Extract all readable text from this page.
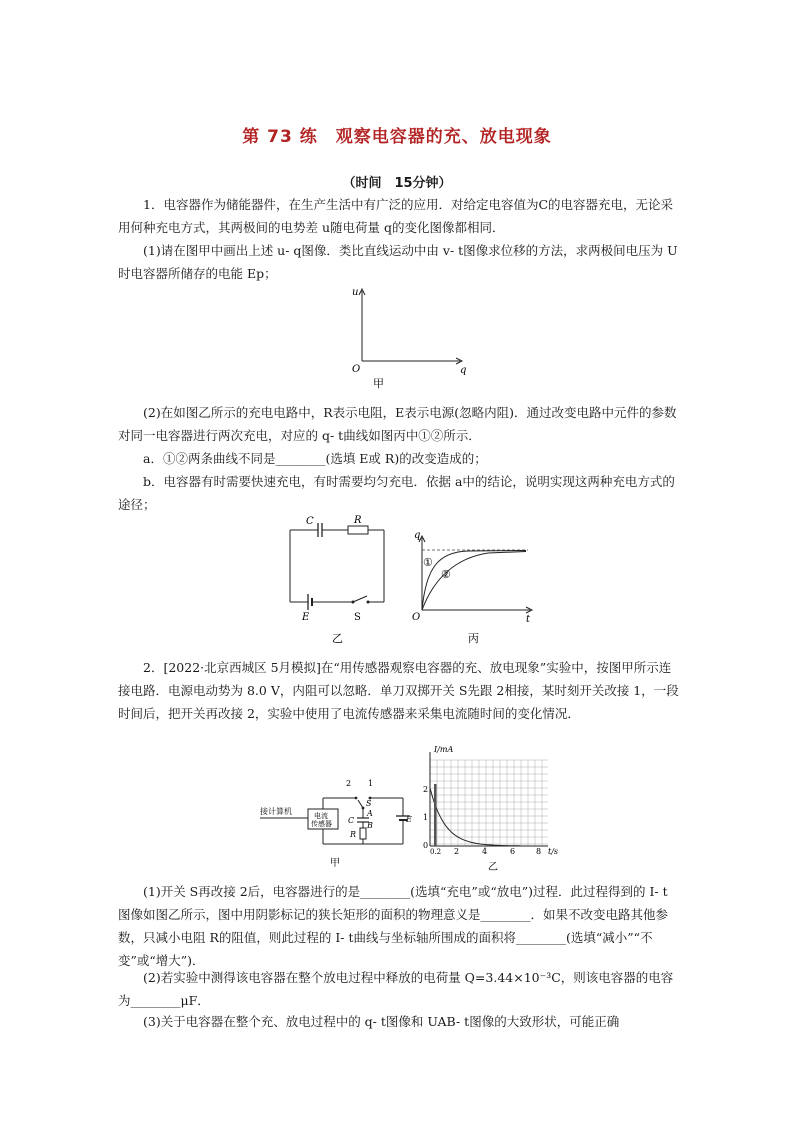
第 73 练　观察电容器的充、放电现象
（时间　15分钟）

　　1．电容器作为储能器件，在生产生活中有广泛的应用．对给定电容值为C的电容器充电，无论采用何种充电方式，其两极间的电势差 u随电荷量 q的变化图像都相同．

　　(1)请在图甲中画出上述 u- q图像．类比直线运动中由 v- t图像求位移的方法，求两极间电压为 U时电容器所储存的电能 Ep；

u
O	q
甲

　　(2)在如图乙所示的充电电路中，R表示电阻，E表示电源(忽略内阻)．通过改变电路中元件的参数对同一电容器进行两次充电，对应的 q- t曲线如图丙中①②所示．

　　a．①②两条曲线不同是________(选填 E或 R)的改变造成的；

　　b．电容器有时需要快速充电，有时需要均匀充电．依据 a中的结论，说明实现这两种充电方式的途径；

C	R
E	S
乙
q
O	t
①
②
丙

　　2．[2022·北京西城区 5月模拟]在“用传感器观察电容器的充、放电现象”实验中，按图甲所示连接电路．电源电动势为 8.0 V，内阻可以忽略．单刀双掷开关 S先跟 2相接，某时刻开关改接 1，一段时间后，把开关再改接 2，实验中使用了电流传感器来采集电流随时间的变化情况．

接计算机	电流
传感器
2 1
S
A
B
C
R
E
甲
I/mA
t/s
2
1
0
0.2 2	4	6	8
乙

　　(1)开关 S再改接 2后，电容器进行的是________(选填“充电”或“放电”)过程．此过程得到的 I- t图像如图乙所示，图中用阴影标记的狭长矩形的面积的物理意义是________．如果不改变电路其他参数，只减小电阻 R的阻值，则此过程的 I- t曲线与坐标轴所围成的面积将________(选填“减小”“不变”或“增大”)．

　　(2)若实验中测得该电容器在整个放电过程中释放的电荷量 Q=3.44×10⁻³C，则该电容器的电容为________μF．

　　(3)关于电容器在整个充、放电过程中的 q- t图像和 UAB- t图像的大致形状，可能正确
